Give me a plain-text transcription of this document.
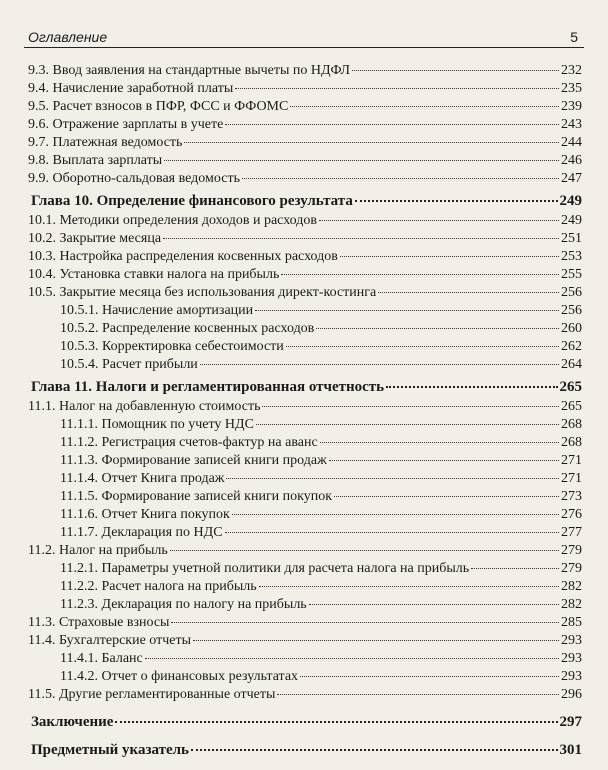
Оглавление	5
9.3. Ввод заявления на стандартные вычеты по НДФЛ	232
9.4. Начисление заработной платы	235
9.5. Расчет взносов в ПФР, ФСС и ФФОМС	239
9.6. Отражение зарплаты в учете	243
9.7. Платежная ведомость	244
9.8. Выплата зарплаты	246
9.9. Оборотно-сальдовая ведомость	247
Глава 10. Определение финансового результата	249
10.1. Методики определения доходов и расходов	249
10.2. Закрытие месяца	251
10.3. Настройка распределения косвенных расходов	253
10.4. Установка ставки налога на прибыль	255
10.5. Закрытие месяца без использования директ-костинга	256
10.5.1. Начисление амортизации	256
10.5.2. Распределение косвенных расходов	260
10.5.3. Корректировка себестоимости	262
10.5.4. Расчет прибыли	264
Глава 11. Налоги и регламентированная отчетность	265
11.1. Налог на добавленную стоимость	265
11.1.1. Помощник по учету НДС	268
11.1.2. Регистрация счетов-фактур на аванс	268
11.1.3. Формирование записей книги продаж	271
11.1.4. Отчет Книга продаж	271
11.1.5. Формирование записей книги покупок	273
11.1.6. Отчет Книга покупок	276
11.1.7. Декларация по НДС	277
11.2. Налог на прибыль	279
11.2.1. Параметры учетной политики для расчета налога на прибыль	279
11.2.2. Расчет налога на прибыль	282
11.2.3. Декларация по налогу на прибыль	282
11.3. Страховые взносы	285
11.4. Бухгалтерские отчеты	293
11.4.1. Баланс	293
11.4.2. Отчет о финансовых результатах	293
11.5. Другие регламентированные отчеты	296
Заключение	297
Предметный указатель	301
